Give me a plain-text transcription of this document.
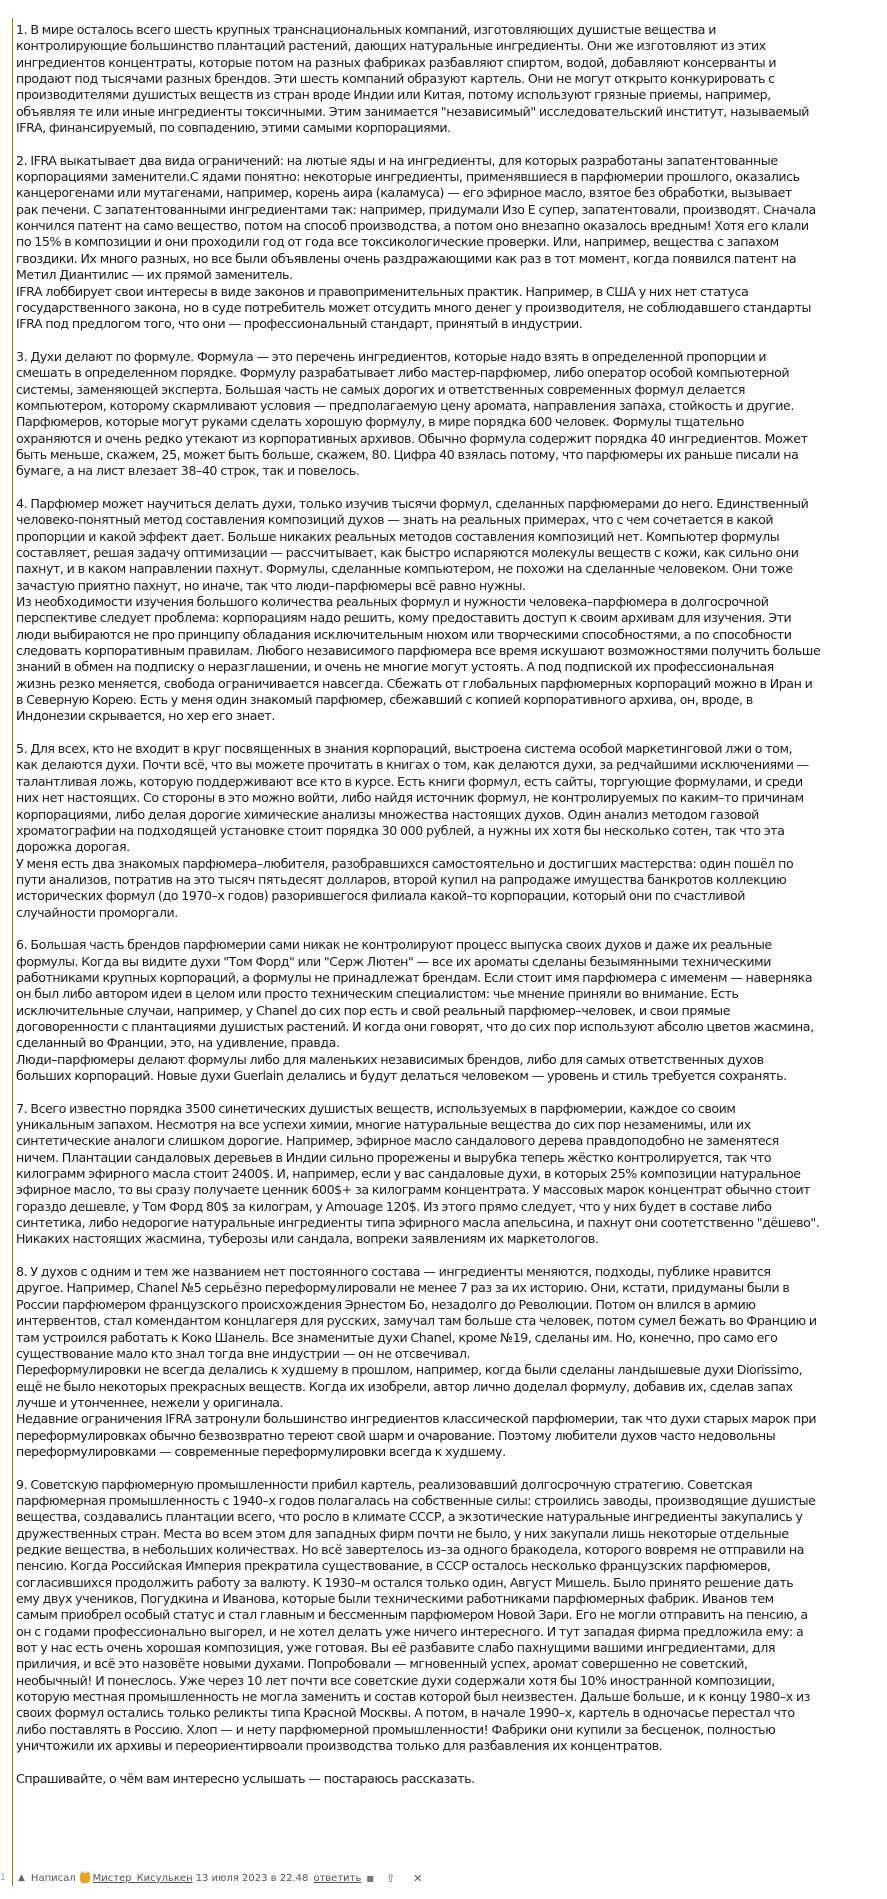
1. В мире осталось всего шесть крупных транснациональных компаний, изготовляющих душистые вещества и
контролирующие большинство плантаций растений, дающих натуральные ингредиенты. Они же изготовляют из этих
ингредиентов концентраты, которые потом на разных фабриках разбавляют спиртом, водой, добавляют консерванты и
продают под тысячами разных брендов. Эти шесть компаний образуют картель. Они не могут открыто конкурировать с
производителями душистых веществ из стран вроде Индии или Китая, потому используют грязные приемы, например,
объявляя те или иные ингредиенты токсичными. Этим занимается "независимый" исследовательский институт, называемый
IFRA, финансируемый, по совпадению, этими самыми корпорациями.
2. IFRA выкатывает два вида ограничений: на лютые яды и на ингредиенты, для которых разработаны запатентованные
корпорациями заменители.С ядами понятно: некоторые ингредиенты, применявшиеся в парфюмерии прошлого, оказались
канцерогенами или мутагенами, например, корень аира (каламуса) — его эфирное масло, взятое без обработки, вызывает
рак печени. С запатентованными ингредиентами так: например, придумали Изо Е супер, запатентовали, производят. Сначала
кончился патент на само вещество, потом на способ производства, а потом оно внезапно оказалось вредным! Хотя его клали
по 15% в композиции и они проходили год от года все токсикологические проверки. Или, например, вещества с запахом
гвоздики. Их много разных, но все были объявлены очень раздражающими как раз в тот момент, когда появился патент на
Метил Диантилис — их прямой заменитель.
IFRA лоббирует свои интересы в виде законов и правоприменительных практик. Например, в США у них нет статуса
государственного закона, но в суде потребитель может отсудить много денег у производителя, не соблюдавшего стандарты
IFRA под предлогом того, что они — профессиональный стандарт, принятый в индустрии.
3. Духи делают по формуле. Формула — это перечень ингредиентов, которые надо взять в определенной пропорции и
смешать в определенном порядке. Формулу разрабатывает либо мастер-парфюмер, либо оператор особой компьютерной
системы, заменяющей эксперта. Большая часть не самых дорогих и ответственных современных формул делается
компьютером, которому скармливают условия — предполагаемую цену аромата, направления запаха, стойкость и другие.
Парфюмеров, которые могут руками сделать хорошую формулу, в мире порядка 600 человек. Формулы тщательно
охраняются и очень редко утекают из корпоративных архивов. Обычно формула содержит порядка 40 ингредиентов. Может
быть меньше, скажем, 25, может быть больше, скажем, 80. Цифра 40 взялась потому, что парфюмеры их раньше писали на
бумаге, а на лист влезает 38–40 строк, так и повелось.
4. Парфюмер может научиться делать духи, только изучив тысячи формул, сделанных парфюмерами до него. Единственный
человеко-понятный метод составления композиций духов — знать на реальных примерах, что с чем сочетается в какой
пропорции и какой эффект дает. Больше никаких реальных методов составления композиций нет. Компьютер формулы
составляет, решая задачу оптимизации — рассчитывает, как быстро испаряются молекулы веществ с кожи, как сильно они
пахнут, и в каком направлении пахнут. Формулы, сделанные компьютером, не похожи на сделанные человеком. Они тоже
зачастую приятно пахнут, но иначе, так что люди–парфюмеры всё равно нужны.
Из необходимости изучения большого количества реальных формул и нужности человека–парфюмера в долгосрочной
перспективе следует проблема: корпорациям надо решить, кому предоставить доступ к своим архивам для изучения. Эти
люди выбираются не про принципу обладания исключительным нюхом или творческими способностями, а по способности
следовать корпоративным правилам. Любого независимого парфюмера все время искушают возможностями получить больше
знаний в обмен на подписку о неразглашении, и очень не многие могут устоять. А под подпиской их профессиональная
жизнь резко меняется, свобода ограничивается навсегда. Сбежать от глобальных парфюмерных корпораций можно в Иран и
в Северную Корею. Есть у меня один знакомый парфюмер, сбежавший с копией корпоративного архива, он, вроде, в
Индонезии скрывается, но хер его знает.
5. Для всех, кто не входит в круг посвященных в знания корпораций, выстроена система особой маркетинговой лжи о том,
как делаются духи. Почти всё, что вы можете прочитать в книгах о том, как делаются духи, за редчайшими исключениями —
талантливая ложь, которую поддерживают все кто в курсе. Есть книги формул, есть сайты, торгующие формулами, и среди
них нет настоящих. Со стороны в это можно войти, либо найдя источник формул, не контролируемых по каким–то причинам
корпорациями, либо делая дорогие химические анализы множества настоящих духов. Один анализ методом газовой
хроматографии на подходящей установке стоит порядка 30 000 рублей, а нужны их хотя бы несколько сотен, так что эта
дорожка дорогая.
У меня есть два знакомых парфюмера–любителя, разобравшихся самостоятельно и достигших мастерства: один пошёл по
пути анализов, потратив на это тысяч пятьдесят долларов, второй купил на рапродаже имущества банкротов коллекцию
исторических формул (до 1970–х годов) разорившегося филиала какой–то корпорации, который они по счастливой
случайности проморгали.
6. Большая часть брендов парфюмерии сами никак не контролируют процесс выпуска своих духов и даже их реальные
формулы. Когда вы видите духи "Том Форд" или "Серж Лютен" — все их ароматы сделаны безымянными техническими
работниками крупных корпораций, а формулы не принадлежат брендам. Если стоит имя парфюмера с имеменм — наверняка
он был либо автором идеи в целом или просто техническим специалистом: чье мнение приняли во внимание. Есть
исключительные случаи, например, у Chanel до сих пор есть и свой реальный парфюмер–человек, и свои прямые
договоренности с плантациями душистых растений. И когда они говорят, что до сих пор используют абсолю цветов жасмина,
сделанный во Франции, это, на удивление, правда.
Люди–парфюмеры делают формулы либо для маленьких независимых брендов, либо для самых ответственных духов
больших корпораций. Новые духи Guerlain делались и будут делаться человеком — уровень и стиль требуется сохранять.
7. Всего известно порядка 3500 синетических душистых веществ, используемых в парфюмерии, каждое со своим
уникальным запахом. Несмотря на все успехи химии, многие натуральные вещества до сих пор незаменимы, или их
синтетические аналоги слишком дорогие. Например, эфирное масло сандалового дерева правдоподобно не заменятеся
ничем. Плантации сандаловых деревьев в Индии сильно прорежены и вырубка теперь жёстко контролируется, так что
килограмм эфирного масла стоит 2400$. И, например, если у вас сандаловые духи, в которых 25% композиции натуральное
эфирное масло, то вы сразу получаете ценник 600$+ за килограмм концентрата. У массовых марок концентрат обычно стоит
гораздо дешевле, у Том Форд 80$ за килограм, у Amouage 120$. Из этого прямо следует, что у них будет в составе либо
синтетика, либо недорогие натуральные ингредиенты типа эфирного масла апельсина, и пахнут они соотетственно "дёшево".
Никаких настоящих жасмина, туберозы или сандала, вопреки заявлениям их маркетологов.
8. У духов с одним и тем же названием нет постоянного состава — ингредиенты меняются, подходы, публике нравится
другое. Например, Chanel №5 серьёзно переформулировали не менее 7 раз за их историю. Они, кстати, придуманы были в
России парфюмером французского происхождения Эрнестом Бо, незадолго до Революции. Потом он влился в армию
интервентов, стал комендантом концлагеря для русских, замучал там больше ста человек, потом сумел бежать во Францию и
там устроился работать к Коко Шанель. Все знаменитые духи Chanel, кроме №19, сделаны им. Но, конечно, про само его
существование мало кто знал тогда вне индустрии — он не отсвечивал.
Переформулировки не всегда делались к худшему в прошлом, например, когда были сделаны ландышевые духи Diorissimo,
ещё не было некоторых прекрасных веществ. Когда их изобрели, автор лично доделал формулу, добавив их, сделав запах
лучше и утонченнее, нежели у оригинала.
Недавние ограничения IFRA затронули большинство ингредиентов классической парфюмерии, так что духи старых марок при
переформулировках обычно безвозвратно тереют свой шарм и очарование. Поэтому любители духов часто недовольны
переформулировками — современные переформулировки всегда к худшему.
9. Советскую парфюмерную промышленности прибил картель, реализовавший долгосрочную стратегию. Советская
парфюмерная промышленность с 1940–х годов полагалась на собственные силы: строились заводы, производящие душистые
вещества, создавались плантации всего, что росло в климате СССР, а экзотические натуральные ингредиенты закупались у
дружественных стран. Места во всем этом для западных фирм почти не было, у них закупали лишь некоторые отдельные
редкие вещества, в небольших количествах. Но всё завертелось из–за одного бракодела, которого вовремя не отправили на
пенсию. Когда Российская Империя прекратила существование, в СССР осталось несколько французских парфюмеров,
согласившихся продолжить работу за валюту. К 1930–м остался только один, Август Мишель. Было принято решение дать
ему двух учеников, Погудкина и Иванова, которые были техническими работниками парфюмерных фабрик. Иванов тем
самым приобрел особый статус и стал главным и бессменным парфюмером Новой Зари. Его не могли отправить на пенсию, а
он с годами профессионально выгорел, и не хотел делать уже ничего интересного. И тут западая фирма предложила ему: а
вот у нас есть очень хорошая композиция, уже готовая. Вы её разбавите слабо пахнущими вашими ингредиентами, для
приличия, и всё это назовёте новыми духами. Попробовали — мгновенный успех, аромат совершенно не советский,
необычный! И понеслось. Уже через 10 лет почти все советские духи содержали хотя бы 10% иностранной композиции,
которую местная промышленность не могла заменить и состав которой был неизвестен. Дальше больше, и к концу 1980–х из
своих формул остались только реликты типа Красной Москвы. А потом, в начале 1990–х, картель в одночасье перестал что
либо поставлять в Россию. Хлоп — и нету парфюмерной промышленности! Фабрики они купили за бесценок, полностью
уничтожили их архивы и переориентирвоали производства только для разбавления их концентратов.
Спрашивайте, о чём вам интересно услышать — постараюсь рассказать.
1	▲ Написал Мистер_Кисулькен 13 июля 2023 в 22.48 ответить ■ ⇧ ✕
